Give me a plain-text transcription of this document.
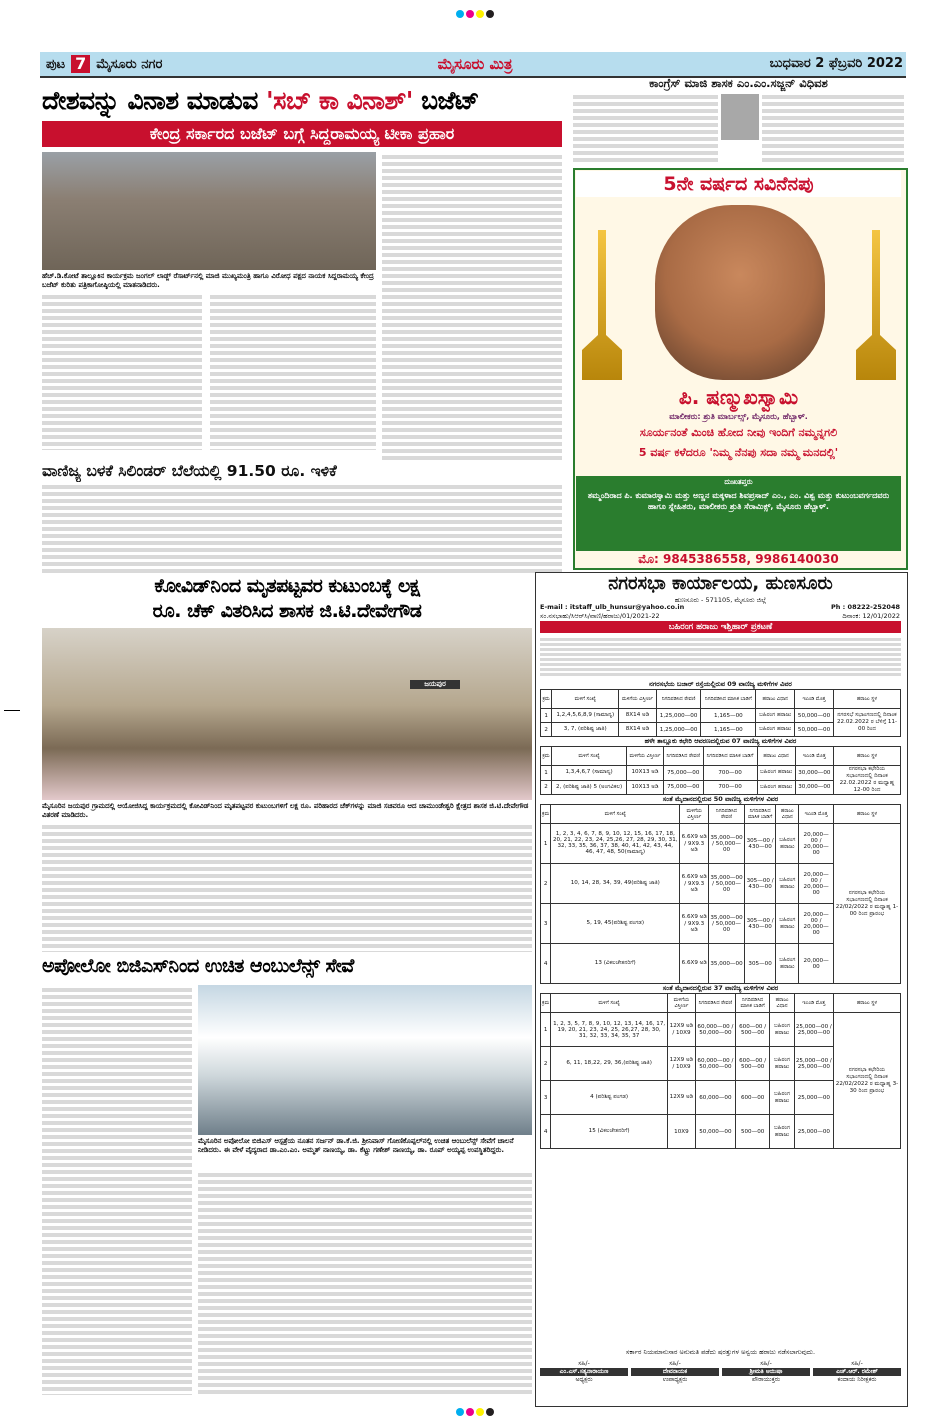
ಪುಟ 7 ಮೈಸೂರು ನಗರ	ಮೈಸೂರು ಮಿತ್ರ	ಬುಧವಾರ 2 ಫೆಬ್ರವರಿ 2022
ದೇಶವನ್ನು ವಿನಾಶ ಮಾಡುವ 'ಸಬ್ ಕಾ ವಿನಾಶ್' ಬಜೆಟ್
ಕೇಂದ್ರ ಸರ್ಕಾರದ ಬಜೆಟ್ ಬಗ್ಗೆ ಸಿದ್ದರಾಮಯ್ಯ ಟೀಕಾ ಪ್ರಹಾರ
ಹೆಚ್.ಡಿ.ಕೋಟೆ ತಾಲ್ಲೂಕಿನ ಕಾರ್ಯಕ್ರಮ ಜಂಗಲ್ ಲಾಡ್ಜ್ ರೆಸಾರ್ಟ್‌ನಲ್ಲಿ ಮಾಜಿ ಮುಖ್ಯಮಂತ್ರಿ ಹಾಗೂ ವಿರೋಧ ಪಕ್ಷದ ನಾಯಕ ಸಿದ್ದರಾಮಯ್ಯ ಕೇಂದ್ರ ಬಜೆಟ್ ಕುರಿತು ಪತ್ರಿಕಾಗೋಷ್ಠಿಯಲ್ಲಿ ಮಾತನಾಡಿದರು.
ಕಾಂಗ್ರೆಸ್ ಮಾಜಿ ಶಾಸಕ ಎಂ.ಎಂ.ಸಜ್ಜನ್ ವಿಧಿವಶ
5ನೇ ವರ್ಷದ ಸವಿನೆನಪು
ಪಿ. ಷಣ್ಮುಖಸ್ವಾಮಿ
ಮಾಲೀಕರು: ಶ್ರುತಿ ಮಾರ್ಬಲ್ಸ್, ಮೈಸೂರು, ಹೆಬ್ಬಾಳ್.
ಸೂರ್ಯನಂತೆ ಮಿಂಚಿ ಹೋದ ನೀವು ಇಂದಿಗೆ ನಮ್ಮನ್ನಗಲಿ
5 ವರ್ಷ ಕಳೆದರೂ 'ನಿಮ್ಮ ನೆನಪು ಸದಾ ನಮ್ಮ ಮನದಲ್ಲಿ'
ದುಃಖತಪ್ತರು
ತಮ್ಮಂದಿರಾದ ಪಿ. ಕುಮಾರಸ್ವಾಮಿ ಮತ್ತು ಅಣ್ಣನ ಮಕ್ಕಳಾದ ಶಿವಪ್ರಸಾದ್ ಎಂ., ಎಂ. ವಿಶ್ವ ಮತ್ತು ಕುಟುಂಬವರ್ಗದವರು ಹಾಗೂ ಸ್ನೇಹಿತರು, ಮಾಲೀಕರು ಶ್ರುತಿ ಸೆರಾಮಿಕ್ಸ್, ಮೈಸೂರು ಹೆಬ್ಬಾಳ್.
ಮೊ: 9845386558, 9986140030
ವಾಣಿಜ್ಯ ಬಳಕೆ ಸಿಲಿಂಡರ್ ಬೆಲೆಯಲ್ಲಿ 91.50 ರೂ. ಇಳಿಕೆ
ಕೋವಿಡ್‌ನಿಂದ ಮೃತಪಟ್ಟವರ ಕುಟುಂಬಕ್ಕೆ ಲಕ್ಷ
ರೂ. ಚೆಕ್ ವಿತರಿಸಿದ ಶಾಸಕ ಜಿ.ಟಿ.ದೇವೇಗೌಡ
ಜಯಪುರ
ಮೈಸೂರಿನ ಜಯಪುರ ಗ್ರಾಮದಲ್ಲಿ ಆಯೋಜಿಸಿದ್ದ ಕಾರ್ಯಕ್ರಮದಲ್ಲಿ ಕೋವಿಡ್‌ನಿಂದ ಮೃತಪಟ್ಟವರ ಕುಟುಂಬಗಳಿಗೆ ಲಕ್ಷ ರೂ. ಪರಿಹಾರದ ಚೆಕ್‌ಗಳನ್ನು ಮಾಜಿ ಸಚಿವರೂ ಆದ ಚಾಮುಂಡೇಶ್ವರಿ ಕ್ಷೇತ್ರದ ಶಾಸಕ ಜಿ.ಟಿ.ದೇವೇಗೌಡ ವಿತರಣೆ ಮಾಡಿದರು.
ಅಪೋಲೋ ಬಿಜಿಎಸ್‌ನಿಂದ ಉಚಿತ ಆಂಬುಲೆನ್ಸ್ ಸೇವೆ
ಮೈಸೂರಿನ ಅಪೋಲೋ ಬಿಜಿಎಸ್ ಆಸ್ಪತ್ರೆಯ ನೂತನ ಸರ್ಜನ್ ಡಾ.ಕೆ.ಜಿ. ಶ್ರೀನಿವಾಸ್ ಗೋಣಿಕೊಪ್ಪಲ್‌ನಲ್ಲಿ ಉಚಿತ ಆಂಬುಲೆನ್ಸ್ ಸೇವೆಗೆ ಚಾಲನೆ ನೀಡಿದರು. ಈ ವೇಳೆ ವೈದ್ಯರಾದ ಡಾ.ಎಂ.ಎಂ. ಅಮ್ಮತ್ ನಾಣಯ್ಯ, ಡಾ. ಕೆಟ್ಟ್ರು ಗಣೇಶ್ ನಾಣಯ್ಯ, ಡಾ. ರೂಪ್ ಅಯ್ಯಪ್ಪ ಉಪಸ್ಥಿತರಿದ್ದರು.
ನಗರಸಭಾ ಕಾರ್ಯಾಲಯ, ಹುಣಸೂರು
ಹುಣಸೂರು - 571105, ಮೈಸೂರು ಜಿಲ್ಲೆ
E-mail : itstaff_ulb_hunsur@yahoo.co.in	Ph : 08222-252048
ಸಂ.ನಸಭಾಹು/ಸಿಆರ್‌ಸಿ/ವಾಣಿ/ಹರಾಜು/01/2021-22	ದಿನಾಂಕ: 12/01/2022
ಬಹಿರಂಗ ಹರಾಜು ಇಶ್ತಿಹಾರ್ ಪ್ರಕಟಣೆ
ನಗರಸಭೆಯ ಬಜಾರ್ ರಸ್ತೆಯಲ್ಲಿರುವ 09 ವಾಣಿಜ್ಯ ಮಳಿಗೆಗಳ ವಿವರ
ಕ್ರಮ	ಮಳಿಗೆ ಸಂಖ್ಯೆ	ಮಳಿಗೆಯ ವಿಸ್ತೀರ್ಣ	ನಿಗದಿಪಡಿಸಿದ ಠೇವಣಿ	ನಿಗದಿಪಡಿಸಿದ ಮಾಸಿಕ ಬಾಡಿಗೆ	ಹರಾಜು ವಿಧಾನ	ಇಎಂಡಿ ಮೊತ್ತ	ಹರಾಜು ಸ್ಥಳ
1	1,2,4,5,6,8,9 (ಸಾಮಾನ್ಯ)	8X14 ಅಡಿ	1,25,000—00	1,165—00	ಬಹಿರಂಗ ಹರಾಜು	50,000—00	ನಗರಸಭೆ ಸಭಾಂಗಣದಲ್ಲಿ ದಿನಾಂಕ 22.02.2022 ರ ಬೆಳಿಗ್ಗೆ 11-00 ರಿಂದ
2	3, 7, (ಪರಿಶಿಷ್ಟ ಜಾತಿ)	8X14 ಅಡಿ	1,25,000—00	1,165—00	ಬಹಿರಂಗ ಹರಾಜು	50,000—00	
ಹಳೇ ತಾಲ್ಲೂಕು ಕಛೇರಿ ಆವರಣದಲ್ಲಿರುವ 07 ವಾಣಿಜ್ಯ ಮಳಿಗೆಗಳ ವಿವರ
ಕ್ರಮ	ಮಳಿಗೆ ಸಂಖ್ಯೆ	ಮಳಿಗೆಯ ವಿಸ್ತೀರ್ಣ	ನಿಗದಿಪಡಿಸಿದ ಠೇವಣಿ	ನಿಗದಿಪಡಿಸಿದ ಮಾಸಿಕ ಬಾಡಿಗೆ	ಹರಾಜು ವಿಧಾನ	ಇಎಂಡಿ ಮೊತ್ತ	ಹರಾಜು ಸ್ಥಳ
1	1,3,4,6,7 (ಸಾಮಾನ್ಯ)	10X13 ಅಡಿ	75,000—00	700—00	ಬಹಿರಂಗ ಹರಾಜು	30,000—00	ನಗರಸಭಾ ಕಛೇರಿಯ ಸಭಾಂಗಣದಲ್ಲಿ ದಿನಾಂಕ 22.02.2022 ರ ಮಧ್ಯಾಹ್ನ 12-00 ರಿಂದ
2	2, (ಪರಿಶಿಷ್ಟ ಜಾತಿ) 5 (ಅಂಗವಿಕಲ)	10X13 ಅಡಿ	75,000—00	700—00	ಬಹಿರಂಗ ಹರಾಜು	30,000—00	
ಸಂತೆ ಮೈದಾನದಲ್ಲಿರುವ 50 ವಾಣಿಜ್ಯ ಮಳಿಗೆಗಳ ವಿವರ
ಕ್ರಮ	ಮಳಿಗೆ ಸಂಖ್ಯೆ	ಮಳಿಗೆಯ ವಿಸ್ತೀರ್ಣ	ನಿಗದಿಪಡಿಸಿದ ಠೇವಣಿ	ನಿಗದಿಪಡಿಸಿದ ಮಾಸಿಕ ಬಾಡಿಗೆ	ಹರಾಜು ವಿಧಾನ	ಇಎಂಡಿ ಮೊತ್ತ	ಹರಾಜು ಸ್ಥಳ
1	1, 2, 3, 4, 6, 7, 8, 9, 10, 12, 15, 16, 17, 18, 20, 21, 22, 23, 24, 25,26, 27, 28, 29, 30, 31, 32, 33, 35, 36, 37, 38, 40, 41, 42, 43, 44, 46, 47, 48, 50(ಸಾಮಾನ್ಯ)	6.6X9 ಅಡಿ / 9X9.3 ಅಡಿ	35,000—00 / 50,000—00	305—00 / 430—00	ಬಹಿರಂಗ ಹರಾಜು	20,000—00 / 20,000—00	ನಗರಸಭಾ ಕಛೇರಿಯ ಸಭಾಂಗಣದಲ್ಲಿ ದಿನಾಂಕ 22/02/2022 ರ ಮಧ್ಯಾಹ್ನ 1-00 ರಿಂದ ಪ್ರಾರಂಭ
2	10, 14, 28, 34, 39, 49(ಪರಿಶಿಷ್ಟ ಜಾತಿ)	6.6X9 ಅಡಿ / 9X9.3 ಅಡಿ	35,000—00 / 50,000—00	305—00 / 430—00	ಬಹಿರಂಗ ಹರಾಜು	20,000—00 / 20,000—00	
3	5, 19, 45(ಪರಿಶಿಷ್ಟ ಪಂಗಡ)	6.6X9 ಅಡಿ / 9X9.3 ಅಡಿ	35,000—00 / 50,000—00	305—00 / 430—00	ಬಹಿರಂಗ ಹರಾಜು	20,000—00 / 20,000—00	
4	13 (ವಿಕಲಚೇತನರಿಗೆ)	6.6X9 ಅಡಿ	35,000—00	305—00	ಬಹಿರಂಗ ಹರಾಜು	20,000—00	
ಸಂತೆ ಮೈದಾನದಲ್ಲಿರುವ 37 ವಾಣಿಜ್ಯ ಮಳಿಗೆಗಳ ವಿವರ
ಕ್ರಮ	ಮಳಿಗೆ ಸಂಖ್ಯೆ	ಮಳಿಗೆಯ ವಿಸ್ತೀರ್ಣ	ನಿಗದಿಪಡಿಸಿದ ಠೇವಣಿ	ನಿಗದಿಪಡಿಸಿದ ಮಾಸಿಕ ಬಾಡಿಗೆ	ಹರಾಜು ವಿಧಾನ	ಇಎಂಡಿ ಮೊತ್ತ	ಹರಾಜು ಸ್ಥಳ
1	1, 2, 3, 5, 7, 8, 9, 10, 12, 13, 14, 16, 17, 19, 20, 21, 23, 24, 25, 26,27, 28, 30, 31, 32, 33, 34, 35, 37	12X9 ಅಡಿ / 10X9	60,000—00 / 50,000—00	600—00 / 500—00	ಬಹಿರಂಗ ಹರಾಜು	25,000—00 / 25,000—00	ನಗರಸಭಾ ಕಛೇರಿಯ ಸಭಾಂಗಣದಲ್ಲಿ ದಿನಾಂಕ 22/02/2022 ರ ಮಧ್ಯಾಹ್ನ 3-30 ರಿಂದ ಪ್ರಾರಂಭ
2	6, 11, 18,22, 29, 36,(ಪರಿಶಿಷ್ಟ ಜಾತಿ)	12X9 ಅಡಿ / 10X9	60,000—00 / 50,000—00	600—00 / 500—00	ಬಹಿರಂಗ ಹರಾಜು	25,000—00 / 25,000—00	
3	4 (ಪರಿಶಿಷ್ಟ ಪಂಗಡ)	12X9 ಅಡಿ	60,000—00	600—00	ಬಹಿರಂಗ ಹರಾಜು	25,000—00	
4	15 (ವಿಕಲಚೇತನರಿಗೆ)	10X9	50,000—00	500—00	ಬಹಿರಂಗ ಹರಾಜು	25,000—00	
ಸರ್ಕಾರ ನಿಯಮಾನುಸಾರ ಅನುಮತಿ ಪಡೆದು ಷರತ್ತುಗಳ ಅನ್ವಯ ಹರಾಜು ನಡೆಸಲಾಗುವುದು.
ಸಹಿ/-
ಎಂ.ಎಸ್.ಸತ್ಯನಾರಾಯಣ
ಅಧ್ಯಕ್ಷರು
ಸಹಿ/-
ದೇವನಾಯಕ
ಉಪಾಧ್ಯಕ್ಷರು
ಸಹಿ/-
ಶ್ರೀಮತಿ ಆಯಿಷಾ
ಪೌರಾಯುಕ್ತರು
ಸಹಿ/-
ಎಚ್.ಆರ್. ರಮೇಶ್
ಕಂದಾಯ ನಿರೀಕ್ಷಕರು
